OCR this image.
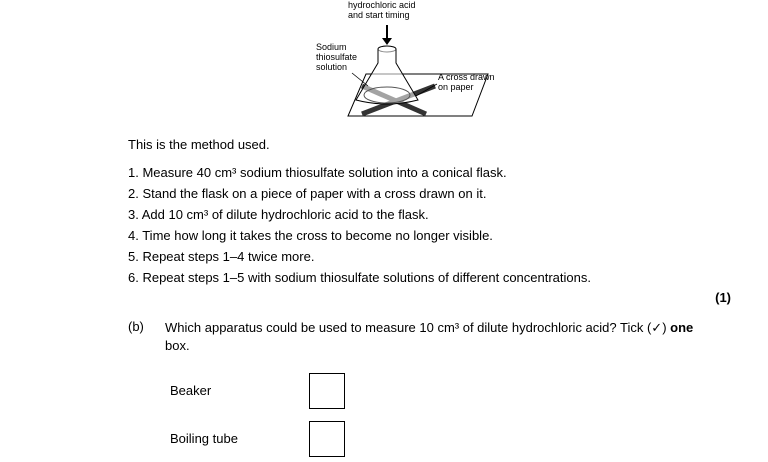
hydrochloric acid
and start timing
Sodium
thiosulfate
solution
A cross drawn
on paper
This is the method used.
1. Measure 40 cm³ sodium thiosulfate solution into a conical flask.
2. Stand the flask on a piece of paper with a cross drawn on it.
3. Add 10 cm³ of dilute hydrochloric acid to the flask.
4. Time how long it takes the cross to become no longer visible.
5. Repeat steps 1–4 twice more.
6. Repeat steps 1–5 with sodium thiosulfate solutions of different concentrations.
(1)
(b) Which apparatus could be used to measure 10 cm³ of dilute hydrochloric acid? Tick (✓) one box.
Beaker
Boiling tube
